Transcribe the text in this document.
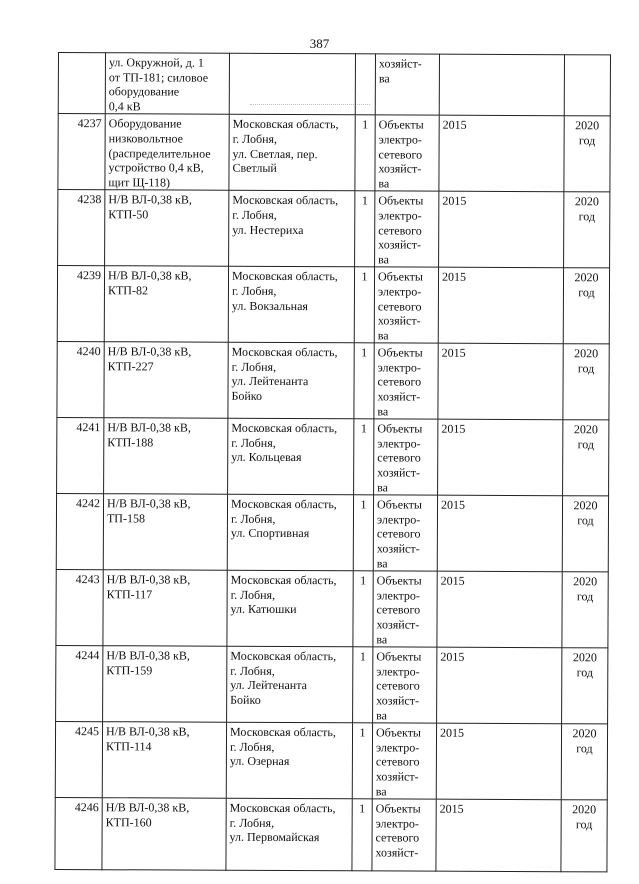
387

	ул. Окружной, д. 1
от ТП-181; силовое
оборудование
0,4 кВ			хозяйст-
ва		

4237	Оборудование
низковольтное
(распределительное
устройство 0,4 кВ,
щит Щ-118)	Московская область,
г. Лобня,
ул. Светлая, пер.
Светлый	1	Объекты
электро-
сетевого
хозяйст-
ва	2015	2020
год

4238	Н/В ВЛ-0,38 кВ,
КТП-50	Московская область,
г. Лобня,
ул. Нестериха	1	Объекты
электро-
сетевого
хозяйст-
ва	2015	2020
год

4239	Н/В ВЛ-0,38 кВ,
КТП-82	Московская область,
г. Лобня,
ул. Вокзальная	1	Объекты
электро-
сетевого
хозяйст-
ва	2015	2020
год

4240	Н/В ВЛ-0,38 кВ,
КТП-227	Московская область,
г. Лобня,
ул. Лейтенанта
Бойко	1	Объекты
электро-
сетевого
хозяйст-
ва	2015	2020
год

4241	Н/В ВЛ-0,38 кВ,
КТП-188	Московская область,
г. Лобня,
ул. Кольцевая	1	Объекты
электро-
сетевого
хозяйст-
ва	2015	2020
год

4242	Н/В ВЛ-0,38 кВ,
ТП-158	Московская область,
г. Лобня,
ул. Спортивная	1	Объекты
электро-
сетевого
хозяйст-
ва	2015	2020
год

4243	Н/В ВЛ-0,38 кВ,
КТП-117	Московская область,
г. Лобня,
ул. Катюшки	1	Объекты
электро-
сетевого
хозяйст-
ва	2015	2020
год

4244	Н/В ВЛ-0,38 кВ,
КТП-159	Московская область,
г. Лобня,
ул. Лейтенанта
Бойко	1	Объекты
электро-
сетевого
хозяйст-
ва	2015	2020
год

4245	Н/В ВЛ-0,38 кВ,
КТП-114	Московская область,
г. Лобня,
ул. Озерная	1	Объекты
электро-
сетевого
хозяйст-
ва	2015	2020
год

4246	Н/В ВЛ-0,38 кВ,
КТП-160	Московская область,
г. Лобня,
ул. Первомайская	1	Объекты
электро-
сетевого
хозяйст-	2015	2020
год
